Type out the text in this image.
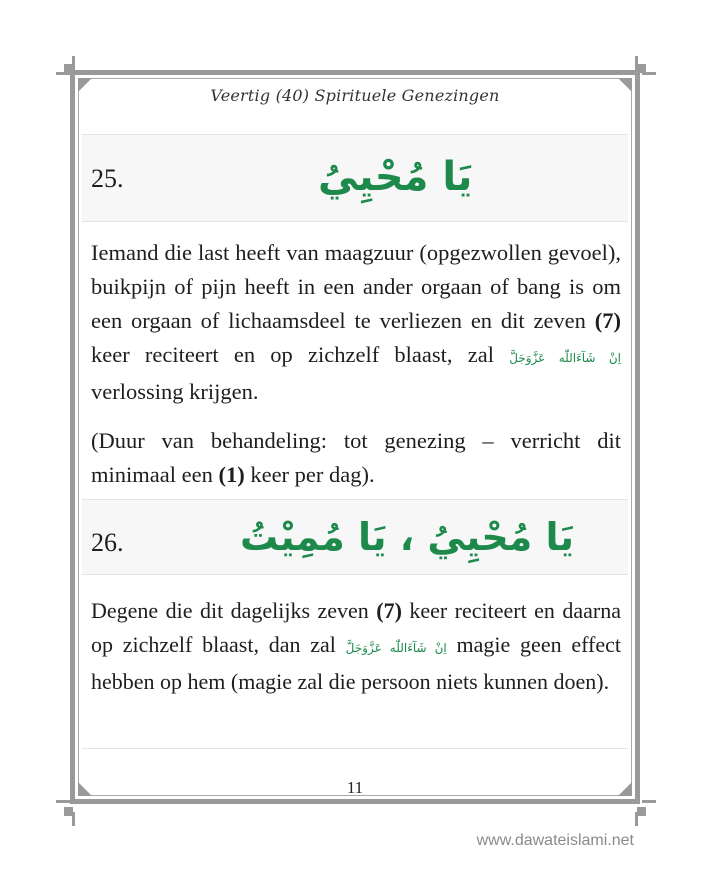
Veertig (40) Spirituele Genezingen
25.	يَا مُحْيِيُ
Iemand die last heeft van maagzuur (opgezwollen gevoel), buikpijn of pijn heeft in een ander orgaan of bang is om een orgaan of lichaamsdeel te verliezen en dit zeven (7) keer reciteert en op zichzelf blaast, zal اِنْ شَآءَاللّٰه عَزَّوَجَلَّ verlossing krijgen.
(Duur van behandeling: tot genezing – verricht dit minimaal een (1) keer per dag).
26.	يَا مُحْيِيُ ، يَا مُمِيْتُ
Degene die dit dagelijks zeven (7) keer reciteert en daarna op zichzelf blaast, dan zal اِنْ شَآءَاللّٰه عَزَّوَجَلَّ magie geen effect hebben op hem (magie zal die persoon niets kunnen doen).
11
www.dawateislami.net
